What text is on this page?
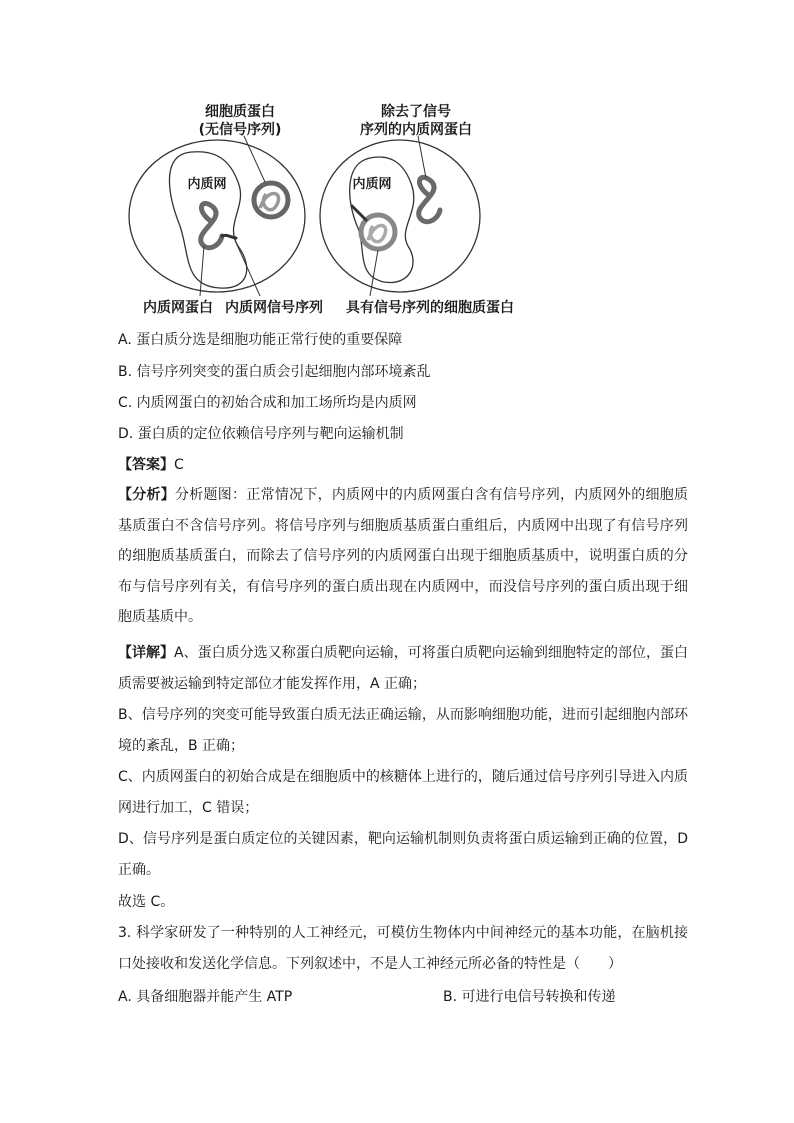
细胞质蛋白
(无信号序列)
内质网
内质网蛋白 内质网信号序列
除去了信号
序列的内质网蛋白
内质网
具有信号序列的细胞质蛋白
A. 蛋白质分选是细胞功能正常行使的重要保障
B. 信号序列突变的蛋白质会引起细胞内部环境紊乱
C. 内质网蛋白的初始合成和加工场所均是内质网
D. 蛋白质的定位依赖信号序列与靶向运输机制
【答案】C
【分析】分析题图：正常情况下，内质网中的内质网蛋白含有信号序列，内质网外的细胞质基质蛋白不含信号序列。将信号序列与细胞质基质蛋白重组后，内质网中出现了有信号序列的细胞质基质蛋白，而除去了信号序列的内质网蛋白出现于细胞质基质中，说明蛋白质的分布与信号序列有关，有信号序列的蛋白质出现在内质网中，而没信号序列的蛋白质出现于细胞质基质中。
【详解】A、蛋白质分选又称蛋白质靶向运输，可将蛋白质靶向运输到细胞特定的部位，蛋白质需要被运输到特定部位才能发挥作用，A 正确；
B、信号序列的突变可能导致蛋白质无法正确运输，从而影响细胞功能，进而引起细胞内部环境的紊乱，B 正确；
C、内质网蛋白的初始合成是在细胞质中的核糖体上进行的，随后通过信号序列引导进入内质网进行加工，C 错误；
D、信号序列是蛋白质定位的关键因素，靶向运输机制则负责将蛋白质运输到正确的位置，D 正确。
故选 C。
3. 科学家研发了一种特别的人工神经元，可模仿生物体内中间神经元的基本功能，在脑机接口处接收和发送化学信息。下列叙述中，不是人工神经元所必备的特性是（　　）
A. 具备细胞器并能产生 ATP	B. 可进行电信号转换和传递
